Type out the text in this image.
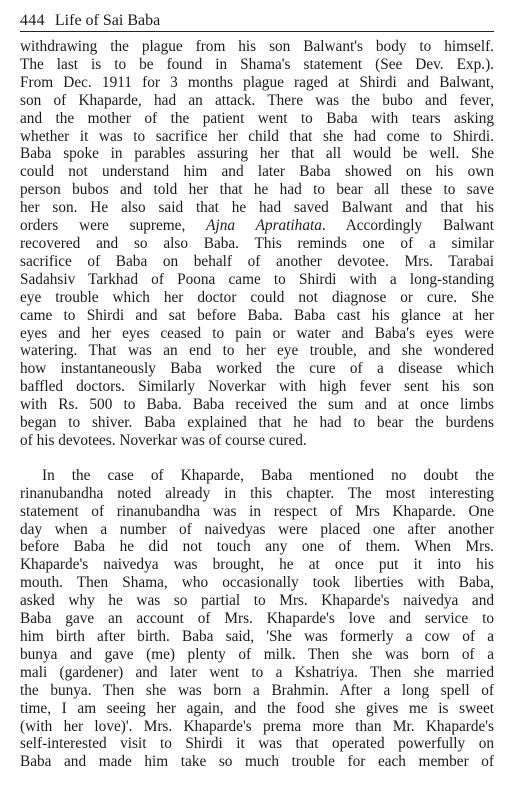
444 Life of Sai Baba
withdrawing the plague from his son Balwant's body to himself.
The last is to be found in Shama's statement (See Dev. Exp.).
From Dec. 1911 for 3 months plague raged at Shirdi and Balwant,
son of Khaparde, had an attack. There was the bubo and fever,
and the mother of the patient went to Baba with tears asking
whether it was to sacrifice her child that she had come to Shirdi.
Baba spoke in parables assuring her that all would be well. She
could not understand him and later Baba showed on his own
person bubos and told her that he had to bear all these to save
her son. He also said that he had saved Balwant and that his
orders were supreme, Ajna Apratihata. Accordingly Balwant
recovered and so also Baba. This reminds one of a similar
sacrifice of Baba on behalf of another devotee. Mrs. Tarabai
Sadahsiv Tarkhad of Poona came to Shirdi with a long-standing
eye trouble which her doctor could not diagnose or cure. She
came to Shirdi and sat before Baba. Baba cast his glance at her
eyes and her eyes ceased to pain or water and Baba's eyes were
watering. That was an end to her eye trouble, and she wondered
how instantaneously Baba worked the cure of a disease which
baffled doctors. Similarly Noverkar with high fever sent his son
with Rs. 500 to Baba. Baba received the sum and at once limbs
began to shiver. Baba explained that he had to bear the burdens
of his devotees. Noverkar was of course cured.
In the case of Khaparde, Baba mentioned no doubt the
rinanubandha noted already in this chapter. The most interesting
statement of rinanubandha was in respect of Mrs Khaparde. One
day when a number of naivedyas were placed one after another
before Baba he did not touch any one of them. When Mrs.
Khaparde's naivedya was brought, he at once put it into his
mouth. Then Shama, who occasionally took liberties with Baba,
asked why he was so partial to Mrs. Khaparde's naivedya and
Baba gave an account of Mrs. Khaparde's love and service to
him birth after birth. Baba said, 'She was formerly a cow of a
bunya and gave (me) plenty of milk. Then she was born of a
mali (gardener) and later went to a Kshatriya. Then she married
the bunya. Then she was born a Brahmin. After a long spell of
time, I am seeing her again, and the food she gives me is sweet
(with her love)'. Mrs. Khaparde's prema more than Mr. Khaparde's
self-interested visit to Shirdi it was that operated powerfully on
Baba and made him take so much trouble for each member of
